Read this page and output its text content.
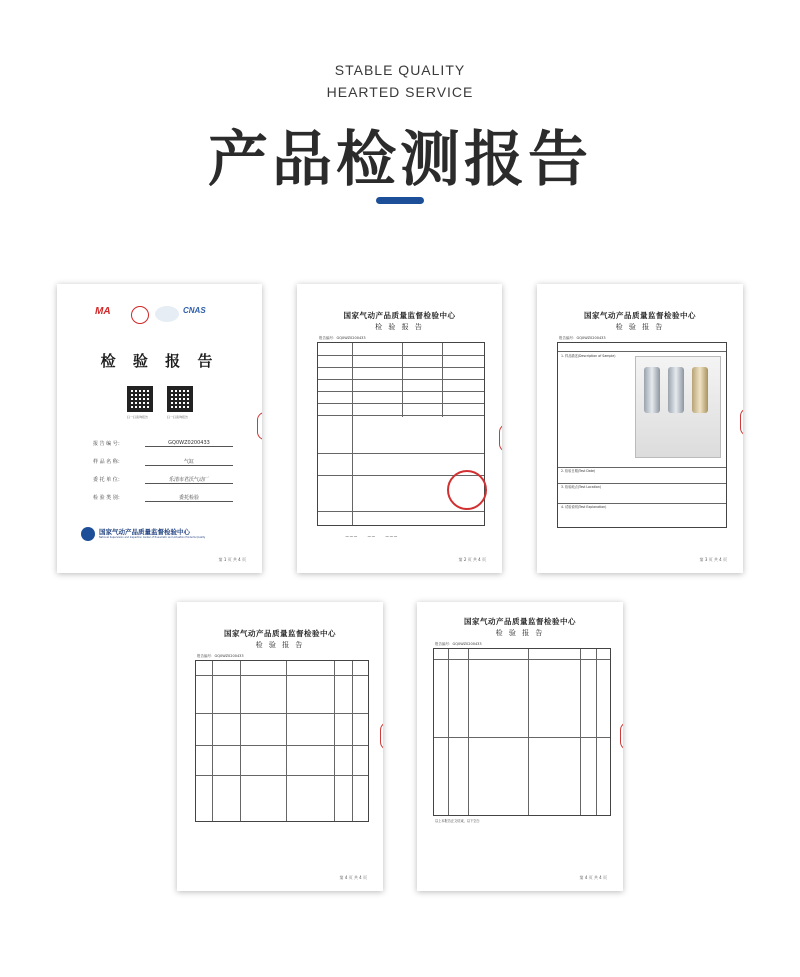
STABLE QUALITY
HEARTED SERVICE
产品检测报告
MA	CNAS
检 验 报 告
扫一扫查询报告	扫一扫查询报告
报 告 编 号：	GQ0WZ0200433
样 品 名 称：	气缸
委 托 单 位：	乐清市君沃气动厂
检 验 类 别：	委托检验
国家气动产品质量监督检验中心
National Supervision and Inspection Center of Pneumatic and Actuation Products Quality
第 1 页 共 4 页
国家气动产品质量监督检验中心
检 验 报 告
报告编号：GQ0WZ0200433
∽∽∽      ∽∽      ∽∽∽
第 2 页 共 4 页
国家气动产品质量监督检验中心
检 验 报 告
报告编号：GQ0WZ0200433
1. 样品描述(Description of Sample)
2. 检验日期(Test Date)
3. 检验地点(Test Location)
4. 试验说明(Test Explanation)
第 3 页 共 4 页
国家气动产品质量监督检验中心
检 验 报 告
报告编号：GQ0WZ0200433
第 4 页 共 4 页
国家气动产品质量监督检验中心
检 验 报 告
报告编号：GQ0WZ0200433
以上本报告正文结束，以下空白
第 4 页 共 4 页
